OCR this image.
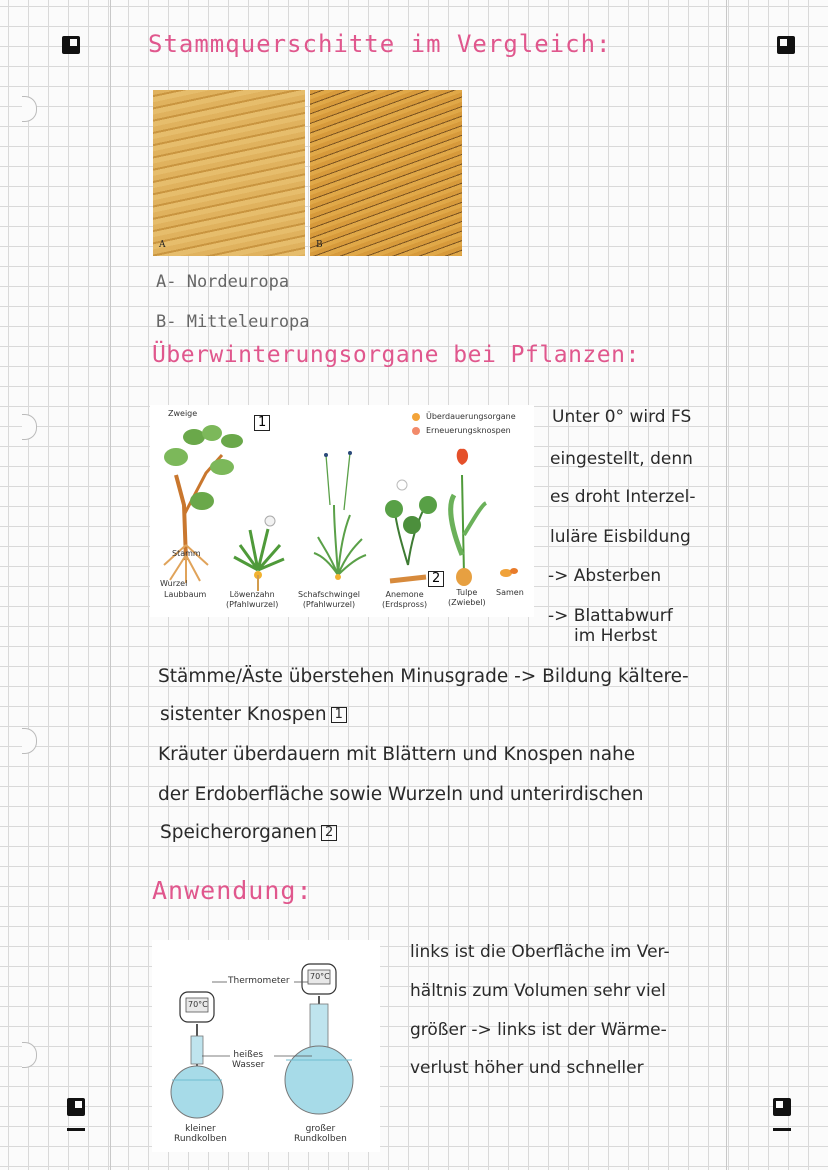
Stammquerschitte im Vergleich:
A	B
A- Nordeuropa
B- Mitteleuropa
Überwinterungsorgane bei Pflanzen:
1
2
Überdauerungsorgane
Erneuerungsknospen
Zweige
Stamm
Wurzel
Laubbaum	Löwenzahn
(Pfahlwurzel)
Schafschwingel
(Pfahlwurzel)
Anemone
(Erdspross)
Tulpe
(Zwiebel)
Samen
Unter 0° wird FS
eingestellt, denn
es droht Interzel-
luläre Eisbildung
-> Absterben
-> Blattabwurf
im Herbst
Stämme/Äste überstehen Minusgrade -> Bildung kältere-
sistenter Knospen 1
Kräuter überdauern mit Blättern und Knospen nahe
der Erdoberfläche sowie Wurzeln und unterirdischen
Speicherorganen 2
Anwendung:
Thermometer
70°C
70°C
heißes
Wasser
kleiner
Rundkolben
großer
Rundkolben
links ist die Oberfläche im Ver-
hältnis zum Volumen sehr viel
größer -> links ist der Wärme-
verlust höher und schneller
